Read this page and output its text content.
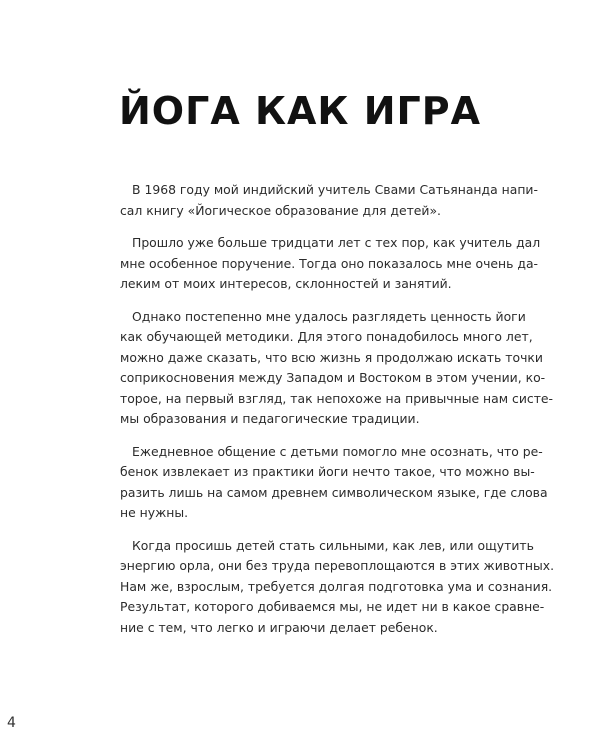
ЙОГА КАК ИГРА

В 1968 году мой индийский учитель Свами Сатьянанда напи-
сал книгу «Йогическое образование для детей».

Прошло уже больше тридцати лет с тех пор, как учитель дал
мне особенное поручение. Тогда оно показалось мне очень да-
леким от моих интересов, склонностей и занятий.

Однако постепенно мне удалось разглядеть ценность йоги
как обучающей методики. Для этого понадобилось много лет,
можно даже сказать, что всю жизнь я продолжаю искать точки
соприкосновения между Западом и Востоком в этом учении, ко-
торое, на первый взгляд, так непохоже на привычные нам систе-
мы образования и педагогические традиции.

Ежедневное общение с детьми помогло мне осознать, что ре-
бенок извлекает из практики йоги нечто такое, что можно вы-
разить лишь на самом древнем символическом языке, где слова
не нужны.

Когда просишь детей стать сильными, как лев, или ощутить
энергию орла, они без труда перевоплощаются в этих животных.
Нам же, взрослым, требуется долгая подготовка ума и сознания.
Результат, которого добиваемся мы, не идет ни в какое сравне-
ние с тем, что легко и играючи делает ребенок.

4
